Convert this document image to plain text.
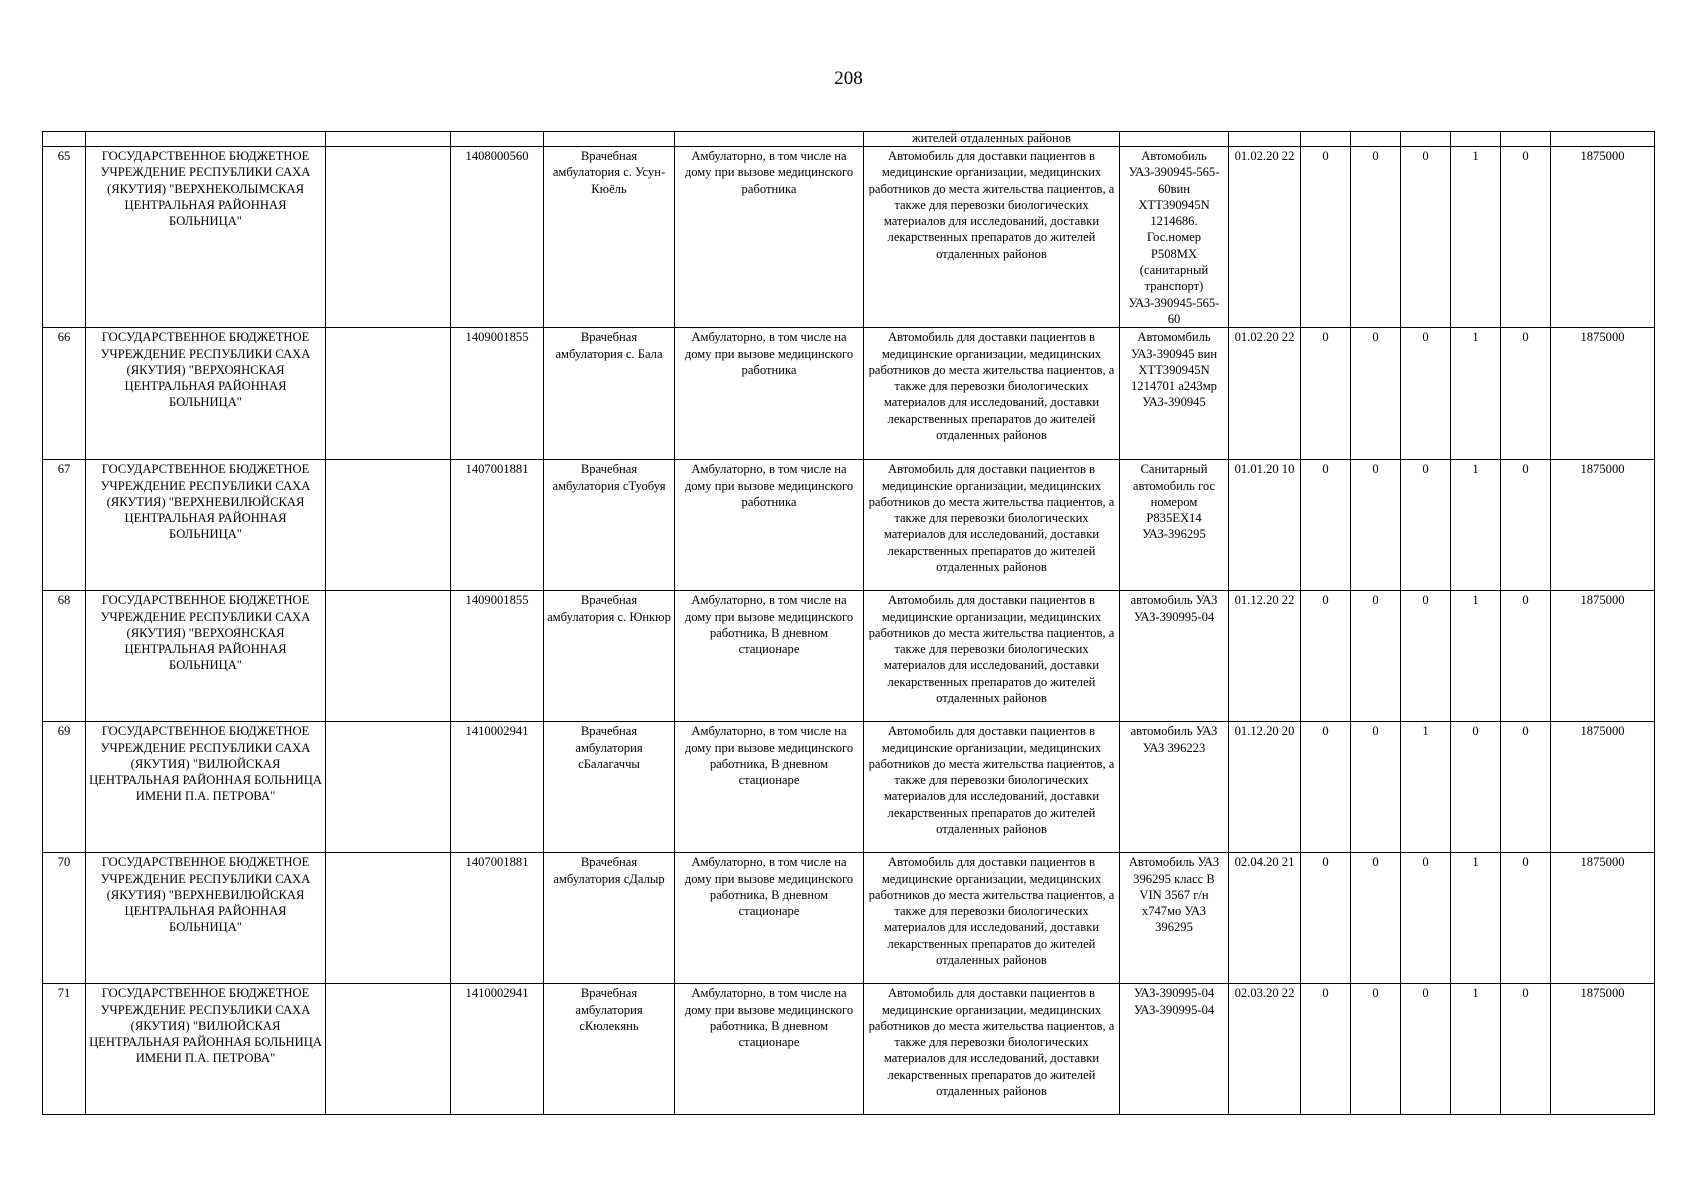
208
						жителей отдаленных районов								
65	ГОСУДАРСТВЕННОЕ БЮДЖЕТНОЕ УЧРЕЖДЕНИЕ РЕСПУБЛИКИ САХА (ЯКУТИЯ) "ВЕРХНЕКОЛЫМСКАЯ ЦЕНТРАЛЬНАЯ РАЙОННАЯ БОЛЬНИЦА"		1408000560	Врачебная амбулатория с. Усун-Кюёль	Амбулаторно, в том числе на дому при вызове медицинского работника	Автомобиль для доставки пациентов в медицинские организации, медицинских работников до места жительства пациентов, а также для перевозки биологических материалов для исследований, доставки лекарственных препаратов до жителей отдаленных районов	Автомобиль УАЗ-390945-565-60вин ХТТ390945N 1214686. Гос.номер Р508МХ (санитарный транспорт) УАЗ-390945-565-60	01.02.20 22	0	0	0	1	0	1875000
66	ГОСУДАРСТВЕННОЕ БЮДЖЕТНОЕ УЧРЕЖДЕНИЕ РЕСПУБЛИКИ САХА (ЯКУТИЯ) "ВЕРХОЯНСКАЯ ЦЕНТРАЛЬНАЯ РАЙОННАЯ БОЛЬНИЦА"		1409001855	Врачебная амбулатория с. Бала	Амбулаторно, в том числе на дому при вызове медицинского работника	Автомобиль для доставки пациентов в медицинские организации, медицинских работников до места жительства пациентов, а также для перевозки биологических материалов для исследований, доставки лекарственных препаратов до жителей отдаленных районов	Автомомбиль УАЗ-390945 вин ХТТ390945N 1214701 а243мр УАЗ-390945	01.02.20 22	0	0	0	1	0	1875000
67	ГОСУДАРСТВЕННОЕ БЮДЖЕТНОЕ УЧРЕЖДЕНИЕ РЕСПУБЛИКИ САХА (ЯКУТИЯ) "ВЕРХНЕВИЛЮЙСКАЯ ЦЕНТРАЛЬНАЯ РАЙОННАЯ БОЛЬНИЦА"		1407001881	Врачебная амбулатория сТуобуя	Амбулаторно, в том числе на дому при вызове медицинского работника	Автомобиль для доставки пациентов в медицинские организации, медицинских работников до места жительства пациентов, а также для перевозки биологических материалов для исследований, доставки лекарственных препаратов до жителей отдаленных районов	Санитарный автомобиль гос номером Р835ЕХ14 УАЗ-396295	01.01.20 10	0	0	0	1	0	1875000
68	ГОСУДАРСТВЕННОЕ БЮДЖЕТНОЕ УЧРЕЖДЕНИЕ РЕСПУБЛИКИ САХА (ЯКУТИЯ) "ВЕРХОЯНСКАЯ ЦЕНТРАЛЬНАЯ РАЙОННАЯ БОЛЬНИЦА"		1409001855	Врачебная амбулатория с. Юнкюр	Амбулаторно, в том числе на дому при вызове медицинского работника, В дневном стационаре	Автомобиль для доставки пациентов в медицинские организации, медицинских работников до места жительства пациентов, а также для перевозки биологических материалов для исследований, доставки лекарственных препаратов до жителей отдаленных районов	автомобиль УАЗ УАЗ-390995-04	01.12.20 22	0	0	0	1	0	1875000
69	ГОСУДАРСТВЕННОЕ БЮДЖЕТНОЕ УЧРЕЖДЕНИЕ РЕСПУБЛИКИ САХА (ЯКУТИЯ) "ВИЛЮЙСКАЯ ЦЕНТРАЛЬНАЯ РАЙОННАЯ БОЛЬНИЦА ИМЕНИ П.А. ПЕТРОВА"		1410002941	Врачебная амбулатория сБалагаччы	Амбулаторно, в том числе на дому при вызове медицинского работника, В дневном стационаре	Автомобиль для доставки пациентов в медицинские организации, медицинских работников до места жительства пациентов, а также для перевозки биологических материалов для исследований, доставки лекарственных препаратов до жителей отдаленных районов	автомобиль УАЗ УАЗ 396223	01.12.20 20	0	0	1	0	0	1875000
70	ГОСУДАРСТВЕННОЕ БЮДЖЕТНОЕ УЧРЕЖДЕНИЕ РЕСПУБЛИКИ САХА (ЯКУТИЯ) "ВЕРХНЕВИЛЮЙСКАЯ ЦЕНТРАЛЬНАЯ РАЙОННАЯ БОЛЬНИЦА"		1407001881	Врачебная амбулатория сДалыр	Амбулаторно, в том числе на дому при вызове медицинского работника, В дневном стационаре	Автомобиль для доставки пациентов в медицинские организации, медицинских работников до места жительства пациентов, а также для перевозки биологических материалов для исследований, доставки лекарственных препаратов до жителей отдаленных районов	Автомобиль УАЗ 396295 класс В VIN 3567 г/н х747мо УАЗ 396295	02.04.20 21	0	0	0	1	0	1875000
71	ГОСУДАРСТВЕННОЕ БЮДЖЕТНОЕ УЧРЕЖДЕНИЕ РЕСПУБЛИКИ САХА (ЯКУТИЯ) "ВИЛЮЙСКАЯ ЦЕНТРАЛЬНАЯ РАЙОННАЯ БОЛЬНИЦА ИМЕНИ П.А. ПЕТРОВА"		1410002941	Врачебная амбулатория сКюлекянь	Амбулаторно, в том числе на дому при вызове медицинского работника, В дневном стационаре	Автомобиль для доставки пациентов в медицинские организации, медицинских работников до места жительства пациентов, а также для перевозки биологических материалов для исследований, доставки лекарственных препаратов до жителей отдаленных районов	УАЗ-390995-04 УАЗ-390995-04	02.03.20 22	0	0	0	1	0	1875000
